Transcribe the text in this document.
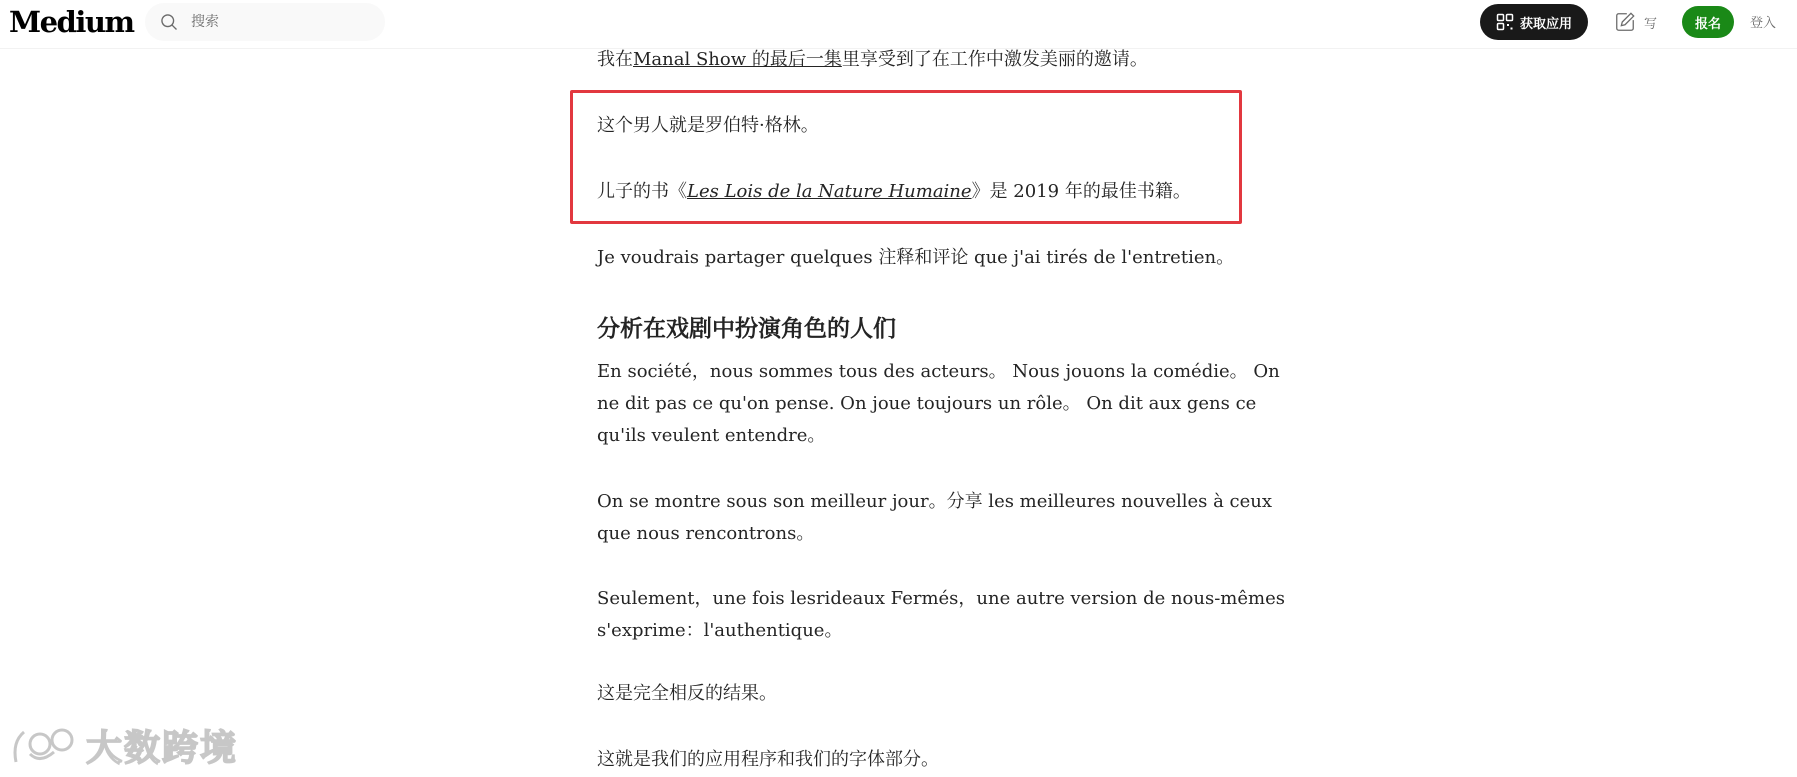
Medium
搜索	获取应用	写	报名	登入

我在Manal Show 的最后一集里享受到了在工作中激发美丽的邀请。

这个男人就是罗伯特·格林。

儿子的书《Les Lois de la Nature Humaine》是 2019 年的最佳书籍。

Je voudrais partager quelques 注释和评论 que j'ai tirés de l'entretien。

分析在戏剧中扮演角色的人们

En société，nous sommes tous des acteurs。 Nous jouons la comédie。 On ne dit pas ce qu'on pense. On joue toujours un rôle。 On dit aux gens ce qu'ils veulent entendre。

On se montre sous son meilleur jour。分享 les meilleures nouvelles à ceux que nous rencontrons。

Seulement，une fois lesrideaux Fermés，une autre version de nous-mêmes s'exprime：l'authentique。

这是完全相反的结果。

这就是我们的应用程序和我们的字体部分。

大数跨境
